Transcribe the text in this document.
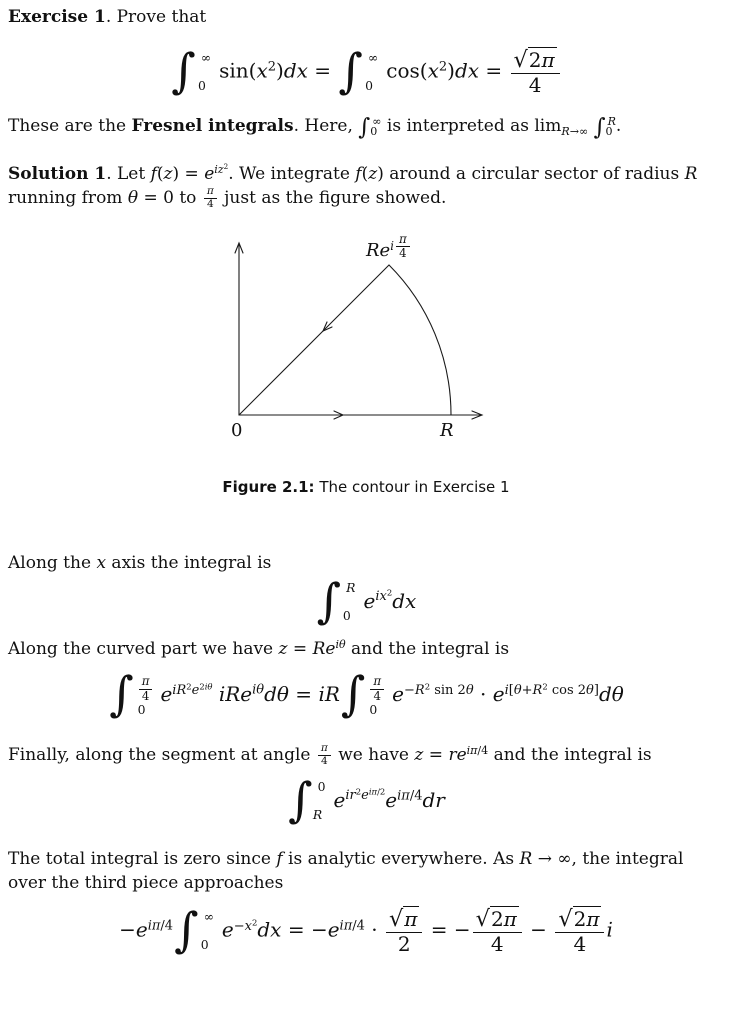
Exercise 1. Prove that

∫ ∞
0
$\sin(x^2)dx$ = ∫ ∞
0
$\cos(x^2)dx = \frac{√2\pi}{4}$

These are the Fresnel integrals. Here, $\int_0^\infty$ is interpreted as $\lim_{R\to\infty} \int_0^R$.

Solution 1. Let $f(z) = e^{iz^2}$. We integrate f(z) around a circular sector of radius R
running from θ = 0 to $\frac{\pi}{4}$ just as the figure showed.

$Re^{i \frac{\pi}{4}}$
0	R
Figure 2.1: The contour in Exercise 1

Along the x axis the integral is

∫ R
0
$e^{ix^2}dx$

Along the curved part we have $z = Re^{i\theta}$ and the integral is

∫ $\frac{\pi}{4}$
0
$e^{iR^2e^{2i\theta}}$ iRe$^{i\theta}$dθ = iR ∫ $\frac{\pi}{4}$
0
$e^{-R^2 sin 2\theta} \cdot e^{i[\theta+R^2 cos 2\theta]}d\theta$

Finally, along the segment at angle $\frac{\pi}{4}$ we have $z = re^{i\pi/4}$ and the integral is

∫ 0
R
$e^{ir^2e^{i\pi/2}}e^{i\pi/4}dr$

The total integral is zero since f is analytic everywhere. As R → ∞, the integral
over the third piece approaches

$-e^{i\pi/4}$ ∫ ∞
0
$e^{-x^2}dx = -e^{i\pi/4} \cdot \frac{√\pi}{2}$ = − $\frac{√2\pi}{4} - \frac{√2\pi}{4}$ i
